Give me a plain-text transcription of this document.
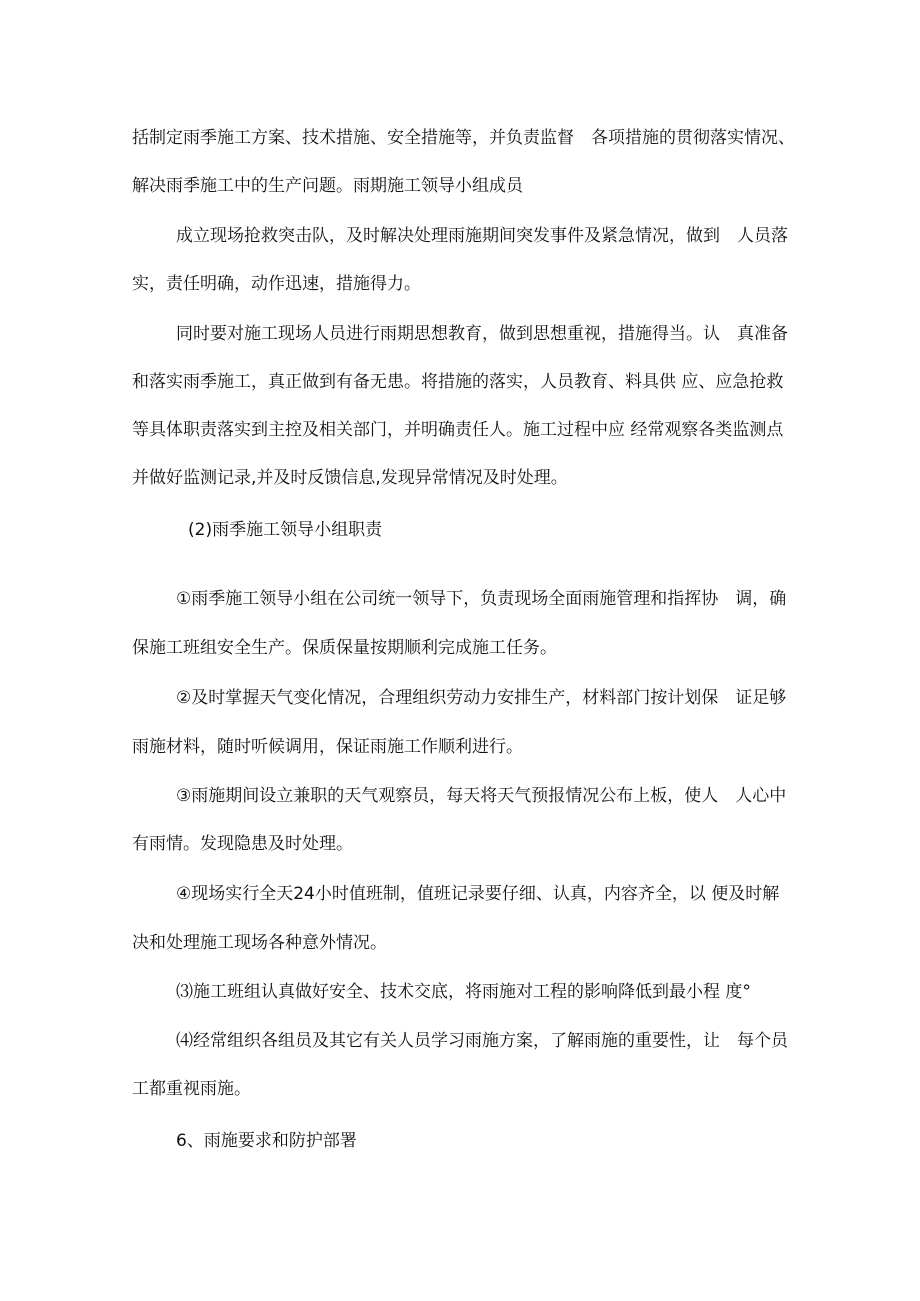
括制定雨季施工方案、技术措施、安全措施等，并负责监督　各项措施的贯彻落实情况、
解决雨季施工中的生产问题。雨期施工领导小组成员
成立现场抢救突击队，及时解决处理雨施期间突发事件及紧急情况，做到　人员落
实，责任明确，动作迅速，措施得力。
同时要对施工现场人员进行雨期思想教育，做到思想重视，措施得当。认　真准备
和落实雨季施工，真正做到有备无患。将措施的落实，人员教育、料具供 应、应急抢救
等具体职责落实到主控及相关部门，并明确责任人。施工过程中应 经常观察各类监测点
并做好监测记录,并及时反馈信息,发现异常情况及时处理。
(2)雨季施工领导小组职责
①雨季施工领导小组在公司统一领导下，负责现场全面雨施管理和指挥协　调，确
保施工班组安全生产。保质保量按期顺利完成施工任务。
②及时掌握天气变化情况，合理组织劳动力安排生产，材料部门按计划保　证足够
雨施材料，随时听候调用，保证雨施工作顺利进行。
③雨施期间设立兼职的天气观察员，每天将天气预报情况公布上板，使人　人心中
有雨情。发现隐患及时处理。
④现场实行全天24小时值班制，值班记录要仔细、认真，内容齐全，以 便及时解
决和处理施工现场各种意外情况。
⑶施工班组认真做好安全、技术交底，将雨施对工程的影响降低到最小程 度°
⑷经常组织各组员及其它有关人员学习雨施方案，了解雨施的重要性，让　每个员
工都重视雨施。
6、雨施要求和防护部署
